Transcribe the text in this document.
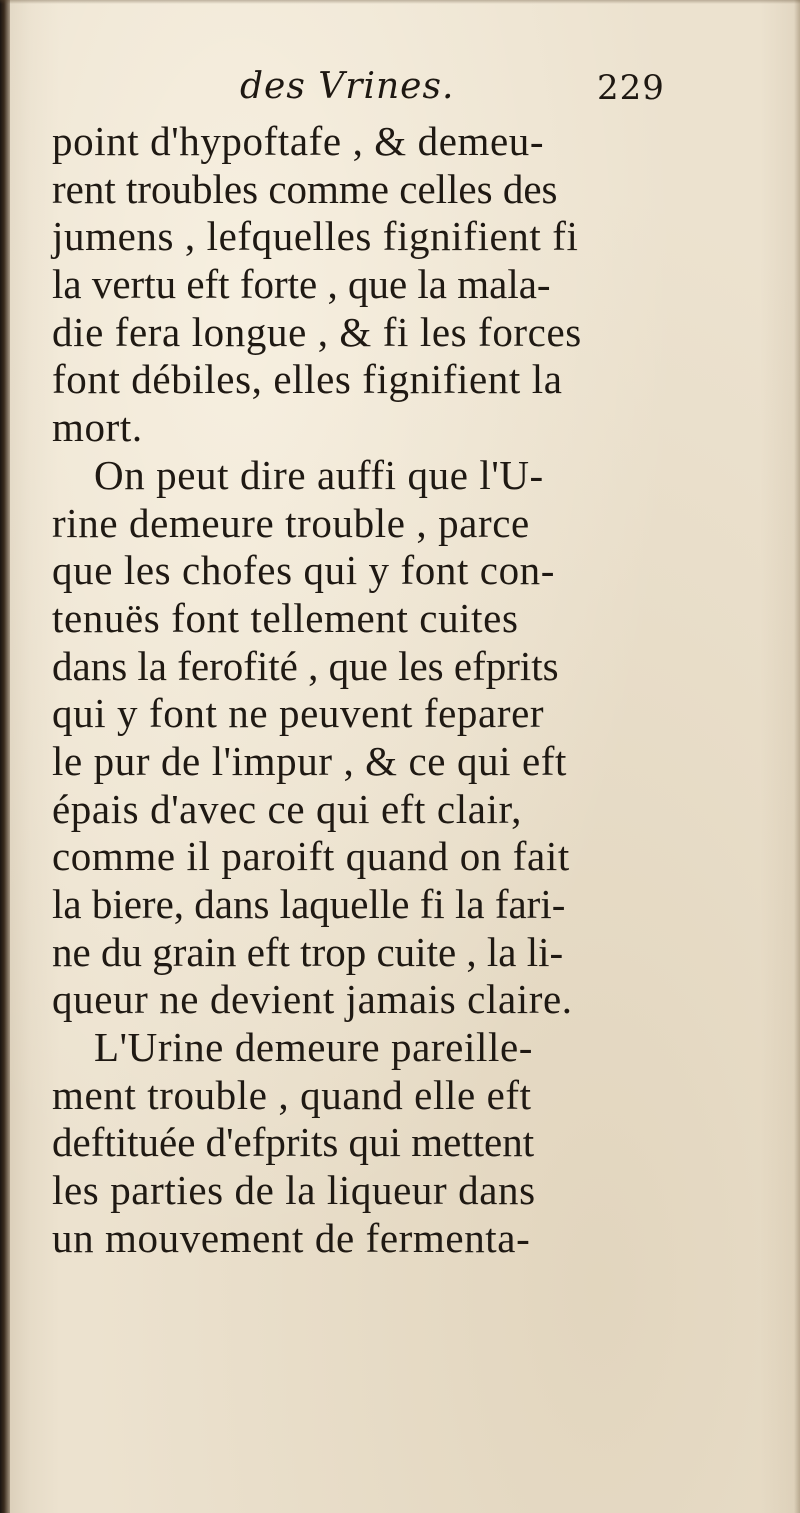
des Vrines.	229
point d'hypoftafe , & demeu-
rent troubles comme celles des
jumens , lefquelles fignifient fi
la vertu eft forte , que la mala-
die fera longue , & fi les forces
font débiles, elles fignifient la
mort.
On peut dire auffi que l'U-
rine demeure trouble , parce
que les chofes qui y font con-
tenuës font tellement cuites
dans la ferofité , que les efprits
qui y font ne peuvent feparer
le pur de l'impur , & ce qui eft
épais d'avec ce qui eft clair,
comme il paroift quand on fait
la biere, dans laquelle fi la fari-
ne du grain eft trop cuite , la li-
queur ne devient jamais claire.
L'Urine demeure pareille-
ment trouble , quand elle eft
deftituée d'efprits qui mettent
les parties de la liqueur dans
un mouvement de fermenta-
